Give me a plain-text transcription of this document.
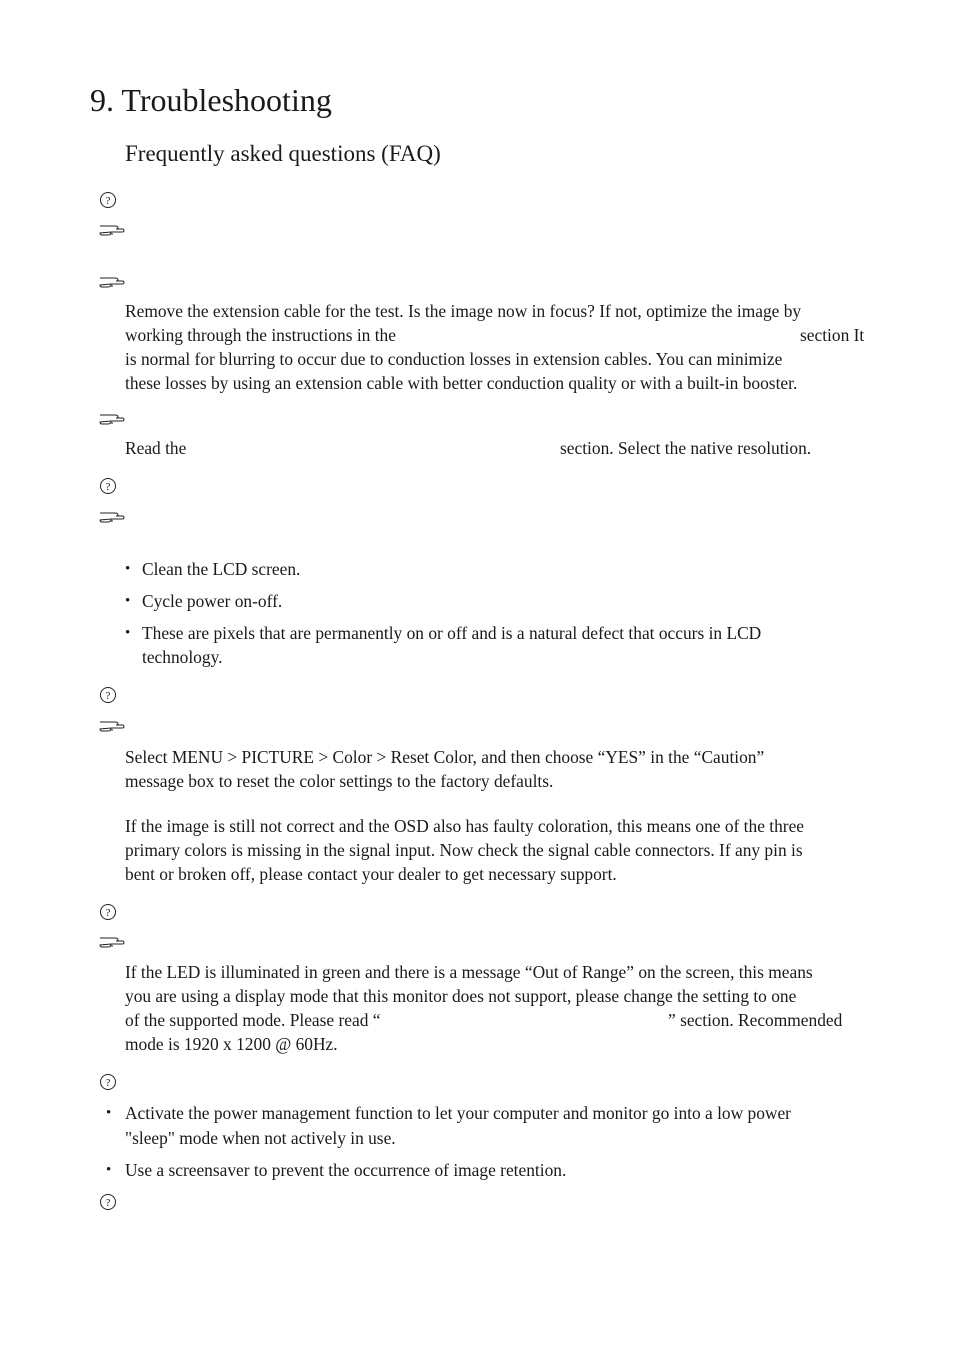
9. Troubleshooting
Frequently asked questions (FAQ)
?
Remove the extension cable for the test. Is the image now in focus? If not, optimize the image by
working through the instructions in the	section It
is normal for blurring to occur due to conduction losses in extension cables. You can minimize
these losses by using an extension cable with better conduction quality or with a built-in booster.
Read the	section. Select the native resolution.
?
• Clean the LCD screen.
• Cycle power on-off.
• These are pixels that are permanently on or off and is a natural defect that occurs in LCD
technology.
?
Select MENU > PICTURE > Color > Reset Color, and then choose “YES” in the “Caution”
message box to reset the color settings to the factory defaults.
If the image is still not correct and the OSD also has faulty coloration, this means one of the three
primary colors is missing in the signal input. Now check the signal cable connectors. If any pin is
bent or broken off, please contact your dealer to get necessary support.
?
If the LED is illuminated in green and there is a message “Out of Range” on the screen, this means
you are using a display mode that this monitor does not support, please change the setting to one
of the supported mode. Please read “	” section. Recommended
mode is 1920 x 1200 @ 60Hz.
?
• Activate the power management function to let your computer and monitor go into a low power
"sleep" mode when not actively in use.
• Use a screensaver to prevent the occurrence of image retention.
?
